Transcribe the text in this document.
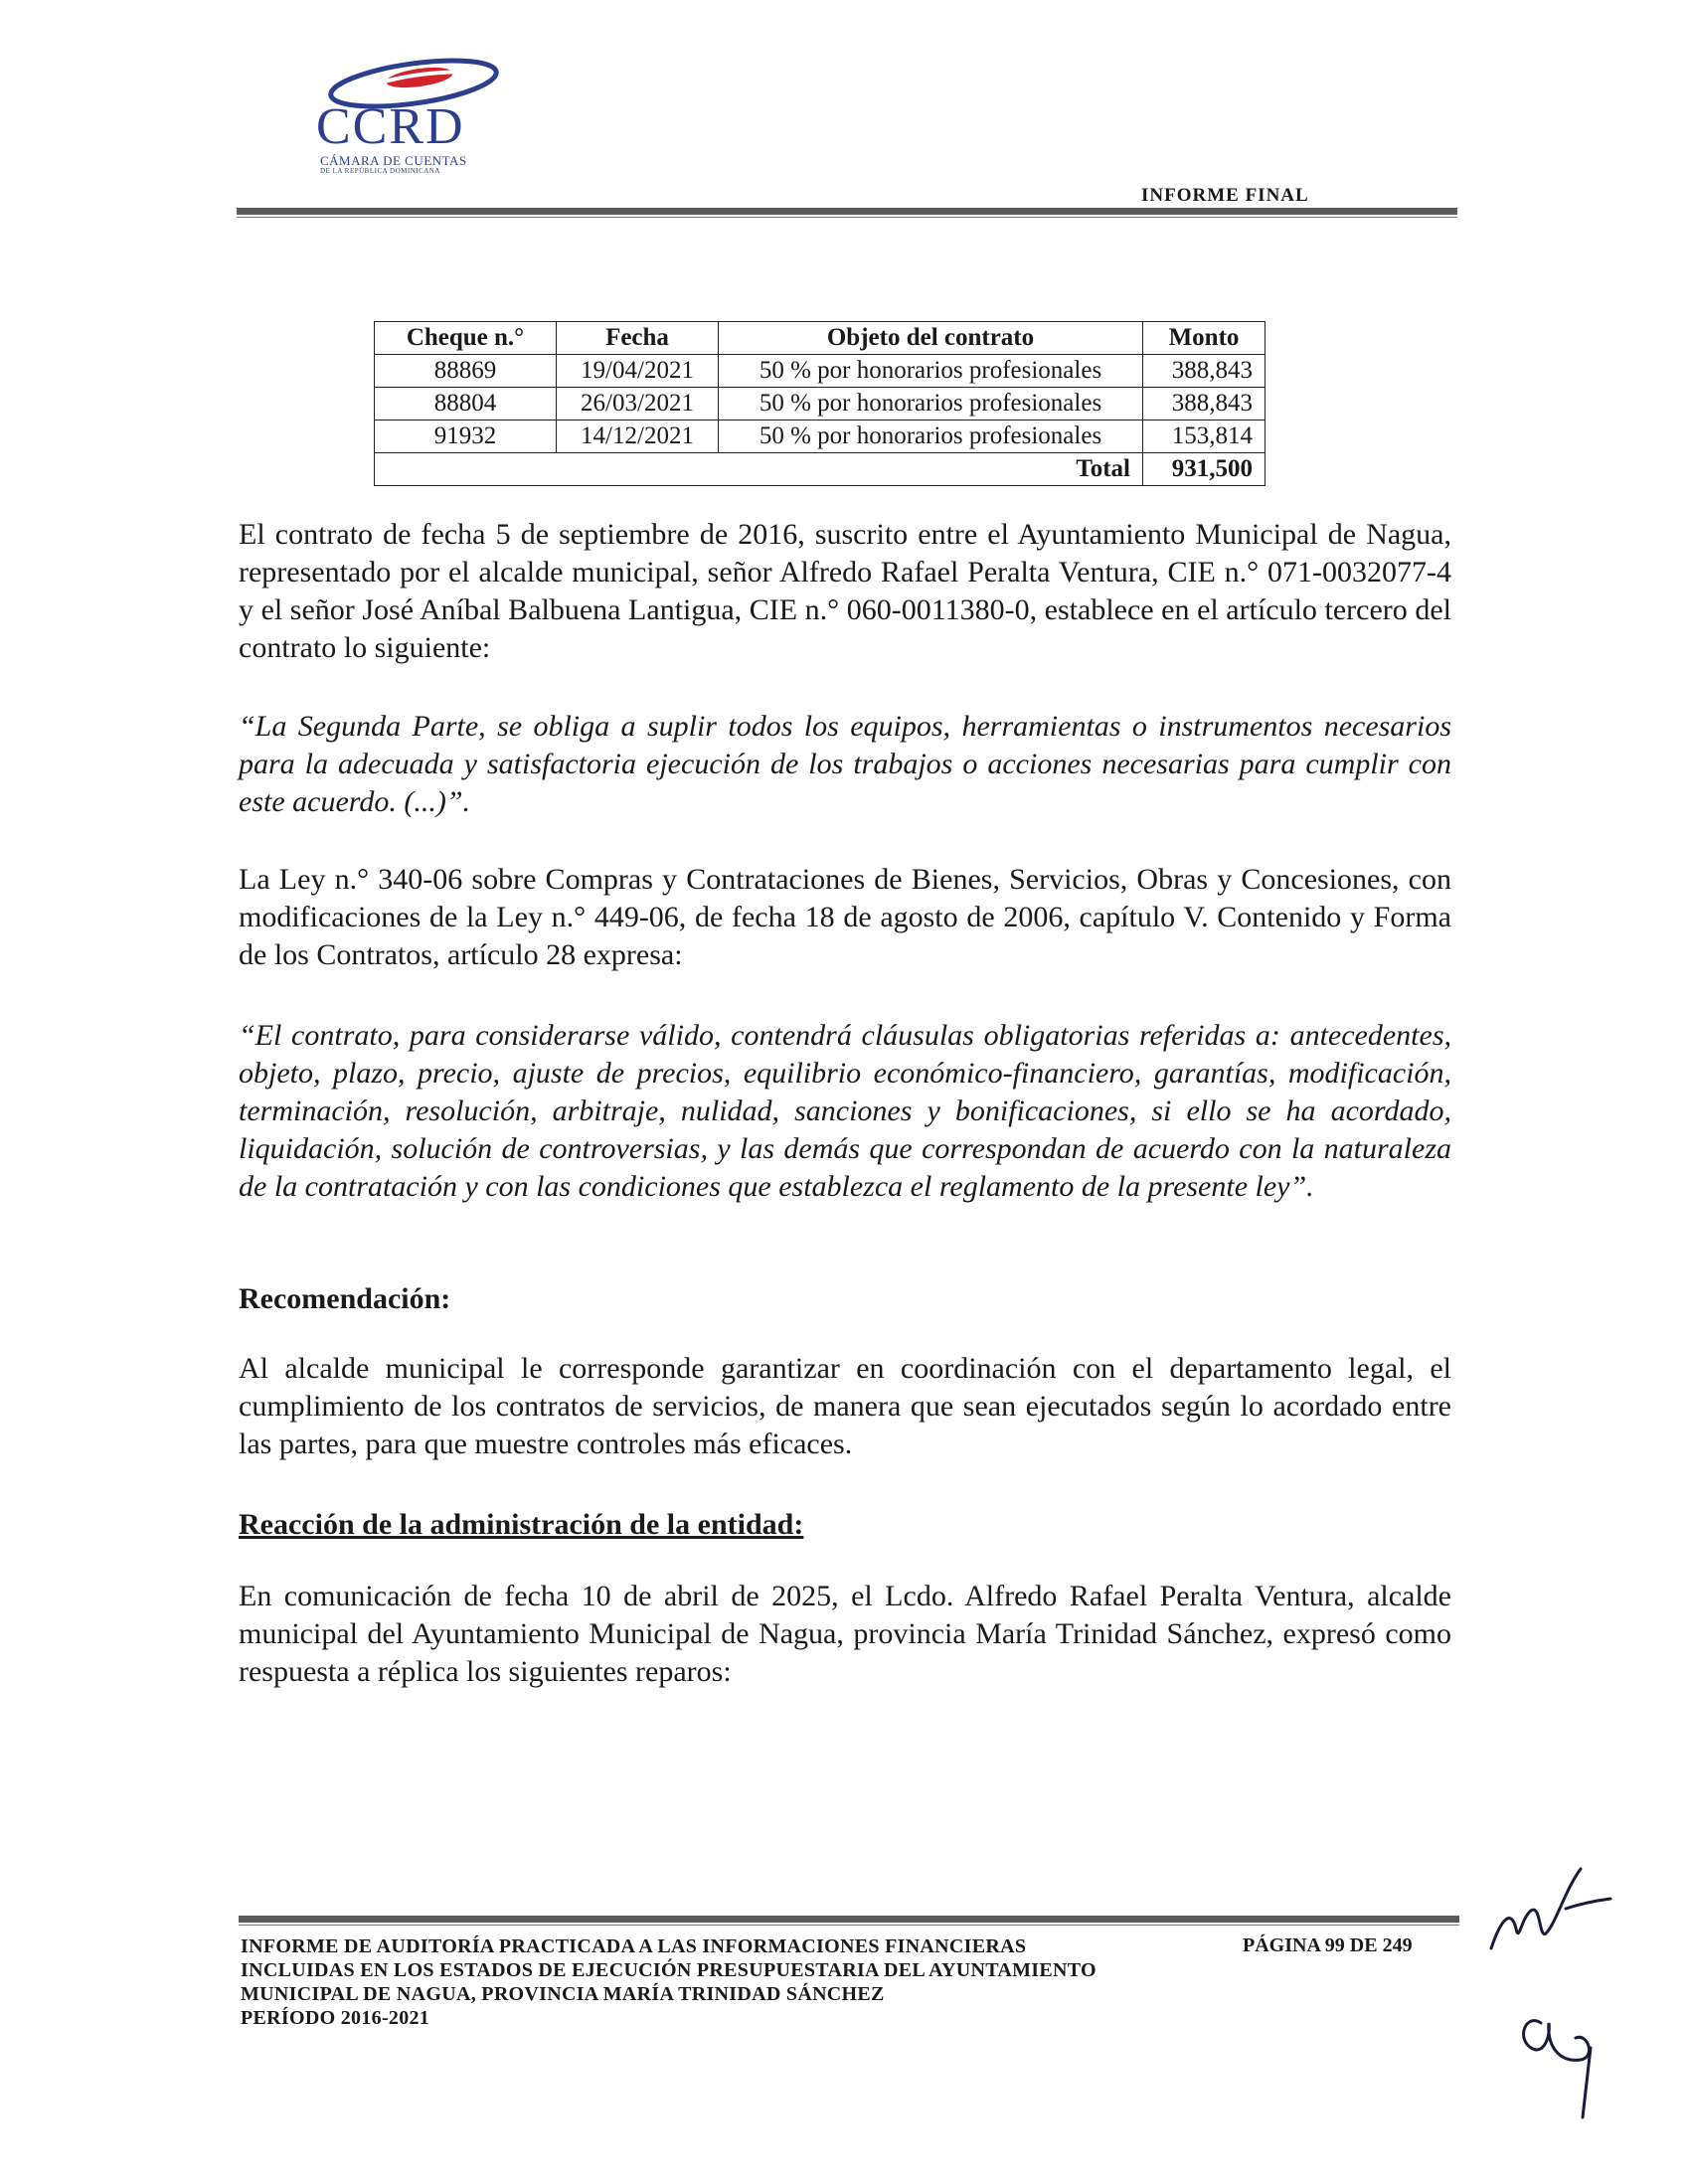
CCRD
CÁMARA DE CUENTAS
DE LA REPÚBLICA DOMINICANA
INFORME FINAL
Cheque n.°	Fecha	Objeto del contrato	Monto
88869	19/04/2021	50 % por honorarios profesionales	388,843
88804	26/03/2021	50 % por honorarios profesionales	388,843
91932	14/12/2021	50 % por honorarios profesionales	153,814
Total			931,500
El contrato de fecha 5 de septiembre de 2016, suscrito entre el Ayuntamiento Municipal de Nagua, representado por el alcalde municipal, señor Alfredo Rafael Peralta Ventura, CIE n.° 071-0032077-4 y el señor José Aníbal Balbuena Lantigua, CIE n.° 060-0011380-0, establece en el artículo tercero del contrato lo siguiente:
“La Segunda Parte, se obliga a suplir todos los equipos, herramientas o instrumentos necesarios para la adecuada y satisfactoria ejecución de los trabajos o acciones necesarias para cumplir con este acuerdo. (...)”.
La Ley n.° 340-06 sobre Compras y Contrataciones de Bienes, Servicios, Obras y Concesiones, con modificaciones de la Ley n.° 449-06, de fecha 18 de agosto de 2006, capítulo V. Contenido y Forma de los Contratos, artículo 28 expresa:
“El contrato, para considerarse válido, contendrá cláusulas obligatorias referidas a: antecedentes, objeto, plazo, precio, ajuste de precios, equilibrio económico-financiero, garantías, modificación, terminación, resolución, arbitraje, nulidad, sanciones y bonificaciones, si ello se ha acordado, liquidación, solución de controversias, y las demás que correspondan de acuerdo con la naturaleza de la contratación y con las condiciones que establezca el reglamento de la presente ley”.
Recomendación:
Al alcalde municipal le corresponde garantizar en coordinación con el departamento legal, el cumplimiento de los contratos de servicios, de manera que sean ejecutados según lo acordado entre las partes, para que muestre controles más eficaces.
Reacción de la administración de la entidad:
En comunicación de fecha 10 de abril de 2025, el Lcdo. Alfredo Rafael Peralta Ventura, alcalde municipal del Ayuntamiento Municipal de Nagua, provincia María Trinidad Sánchez, expresó como respuesta a réplica los siguientes reparos:
INFORME DE AUDITORÍA PRACTICADA A LAS INFORMACIONES FINANCIERAS
INCLUIDAS EN LOS ESTADOS DE EJECUCIÓN PRESUPUESTARIA DEL AYUNTAMIENTO
MUNICIPAL DE NAGUA, PROVINCIA MARÍA TRINIDAD SÁNCHEZ
PERÍODO 2016-2021
PÁGINA 99 DE 249
